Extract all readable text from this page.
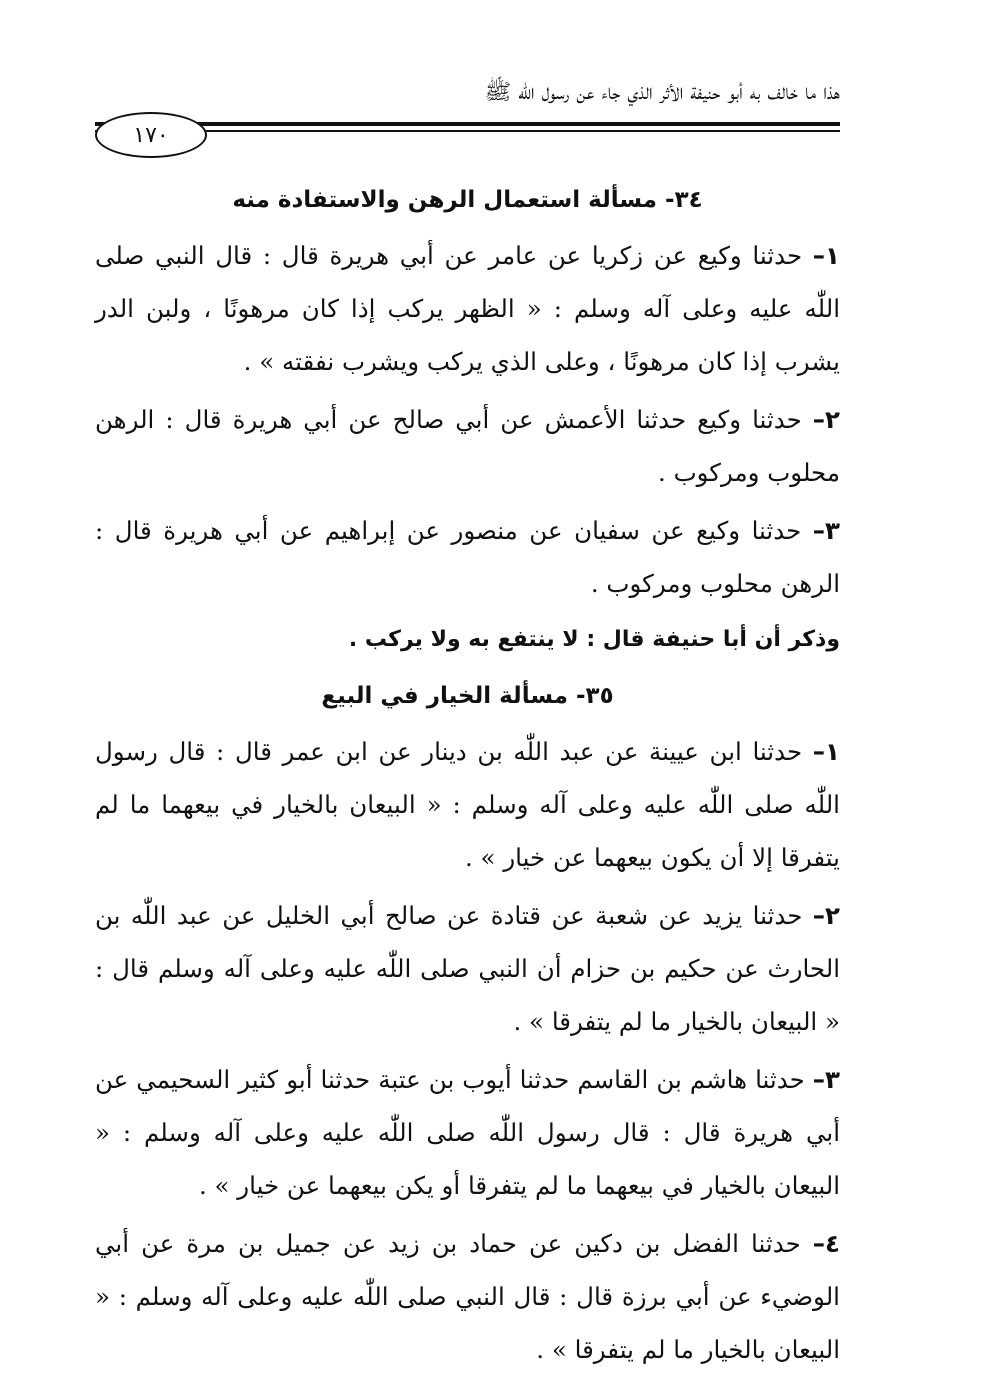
هذا ما خالف به أبو حنيفة الأثر الذي جاء عن رسول اللّٰه ﷺ
١٧٠
٣٤- مسألة استعمال الرهن والاستفادة منه

١– حدثنا وكيع عن زكريا عن عامر عن أبي هريرة قال : قال النبي صلى اللّٰه عليه وعلى آله وسلم : « الظهر يركب إذا كان مرهونًا ، ولبن الدر يشرب إذا كان مرهونًا ، وعلى الذي يركب ويشرب نفقته » .

٢– حدثنا وكيع حدثنا الأعمش عن أبي صالح عن أبي هريرة قال : الرهن محلوب ومركوب .

٣– حدثنا وكيع عن سفيان عن منصور عن إبراهيم عن أبي هريرة قال : الرهن محلوب ومركوب .

وذكر أن أبا حنيفة قال : لا ينتفع به ولا يركب .

٣٥- مسألة الخيار في البيع

١– حدثنا ابن عيينة عن عبد اللّٰه بن دينار عن ابن عمر قال : قال رسول اللّٰه صلى اللّٰه عليه وعلى آله وسلم : « البيعان بالخيار في بيعهما ما لم يتفرقا إلا أن يكون بيعهما عن خيار » .

٢– حدثنا يزيد عن شعبة عن قتادة عن صالح أبي الخليل عن عبد اللّٰه بن الحارث عن حكيم بن حزام أن النبي صلى اللّٰه عليه وعلى آله وسلم قال : « البيعان بالخيار ما لم يتفرقا » .

٣– حدثنا هاشم بن القاسم حدثنا أيوب بن عتبة حدثنا أبو كثير السحيمي عن أبي هريرة قال : قال رسول اللّٰه صلى اللّٰه عليه وعلى آله وسلم : « البيعان بالخيار في بيعهما ما لم يتفرقا أو يكن بيعهما عن خيار » .

٤– حدثنا الفضل بن دكين عن حماد بن زيد عن جميل بن مرة عن أبي الوضيء عن أبي برزة قال : قال النبي صلى اللّٰه عليه وعلى آله وسلم : « البيعان بالخيار ما لم يتفرقا » .
